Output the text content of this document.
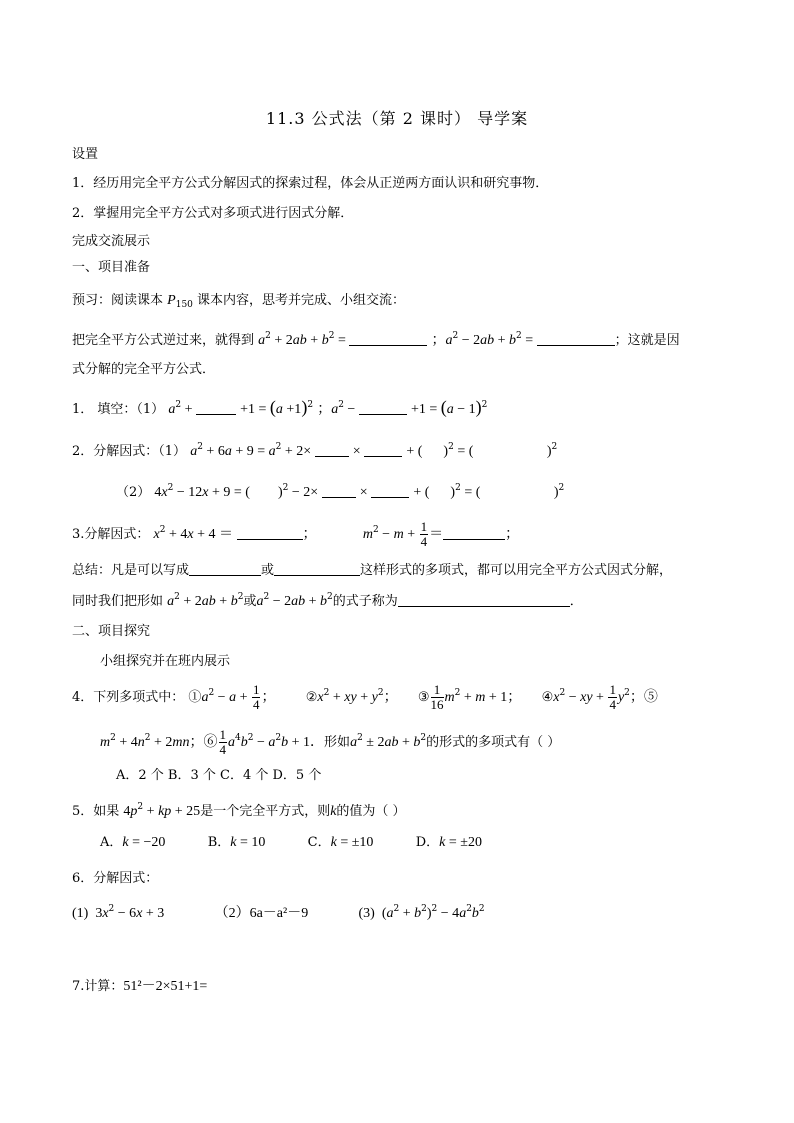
11.3 公式法（第 2 课时） 导学案
设置
1．经历用完全平方公式分解因式的探索过程，体会从正逆两方面认识和研究事物．
2．掌握用完全平方公式对多项式进行因式分解．
完成交流展示
一、项目准备
预习：阅读课本 $P_{150}$ 课本内容，思考并完成、小组交流：
把完全平方公式逆过来，就得到 $a^2 + 2ab + b^2$ =	；$a^2 - 2ab + b^2$ =	；这就是因
式分解的完全平方公式．
1． 填空：（1） $a^2$ +	$+1 = (a +1)^2$ ；$a^2$ −	$+1 = (a - 1)^2$
2．分解因式：（1） $a^2 + 6a + 9 = a^2 + 2\times$	×	+ (      )$^2$ = (                     )$^2$
（2） $4x^2 - 12x + 9$ = (        )$^2$ − 2×	×	+ (      )$^2$ = (                     )$^2$
3.分解因式： $x^2 + 4x + 4$ ＝	；	$m^2 - m + \frac{1}{4}$ ＝	；
总结：凡是可以写成	或	这样形式的多项式，都可以用完全平方公式因式分解，
同时我们把形如 $a^2 + 2ab + b^2$或$a^2 - 2ab + b^2$的式子称为	．
二、项目探究
小组探究并在班内展示
4．下列多项式中： $①a^2 - a + \frac{1}{4}$ ； $②x^2$ + xy + $y^2$； ③ $\frac{1}{16} m^2 + m + 1$； $④x^2$ − xy + $\frac{1}{4} y^2$；⑤
$m^2 + 4n^2 + 2mn$；⑥ $\frac{1}{4} a^4b^2 - a^2b + 1$．形如$a^2 \pm 2ab + b^2$的形式的多项式有（ ）
A．2 个 B．3 个 C．4 个 D．5 个
5．如果 $4p^2$ + kp + 25是一个完全平方式，则k的值为（ ）
A．k = −20	B．k = 10	C．k = ±10	D．k = ±20
6．分解因式：
(1)  $3x^2 - 6x + 3$	（2）6a－a²－9	(3)  $(a^2 + b^2)^2 - 4a^2b^2$
7.计算：51²－2×51+1=
